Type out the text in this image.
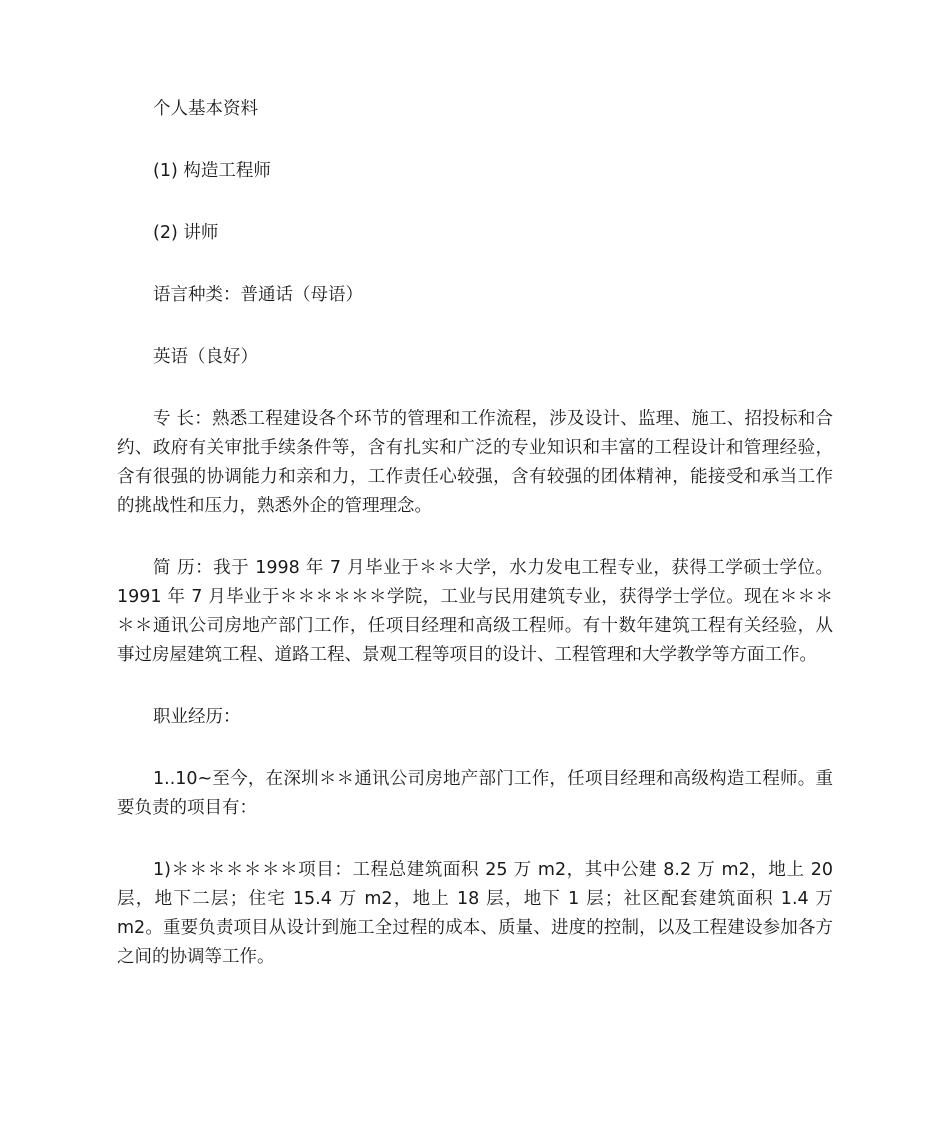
个人基本资料

(1) 构造工程师

(2) 讲师

语言种类：普通话（母语）

英语（良好）

专 长：熟悉工程建设各个环节的管理和工作流程，涉及设计、监理、施工、招投标和合约、政府有关审批手续条件等，含有扎实和广泛的专业知识和丰富的工程设计和管理经验，含有很强的协调能力和亲和力，工作责任心较强，含有较强的团体精神，能接受和承当工作的挑战性和压力，熟悉外企的管理理念。

简 历：我于 1998 年 7 月毕业于＊＊大学，水力发电工程专业，获得工学硕士学位。1991 年 7 月毕业于＊＊＊＊＊＊学院，工业与民用建筑专业，获得学士学位。现在＊＊＊＊＊通讯公司房地产部门工作，任项目经理和高级工程师。有十数年建筑工程有关经验，从事过房屋建筑工程、道路工程、景观工程等项目的设计、工程管理和大学教学等方面工作。

职业经历：

1..10~至今，在深圳＊＊通讯公司房地产部门工作，任项目经理和高级构造工程师。重要负责的项目有：

1)＊＊＊＊＊＊＊项目：工程总建筑面积 25 万 m2，其中公建 8.2 万 m2，地上 20 层，地下二层；住宅 15.4 万 m2，地上 18 层，地下 1 层；社区配套建筑面积 1.4 万 m2。重要负责项目从设计到施工全过程的成本、质量、进度的控制，以及工程建设参加各方之间的协调等工作。
